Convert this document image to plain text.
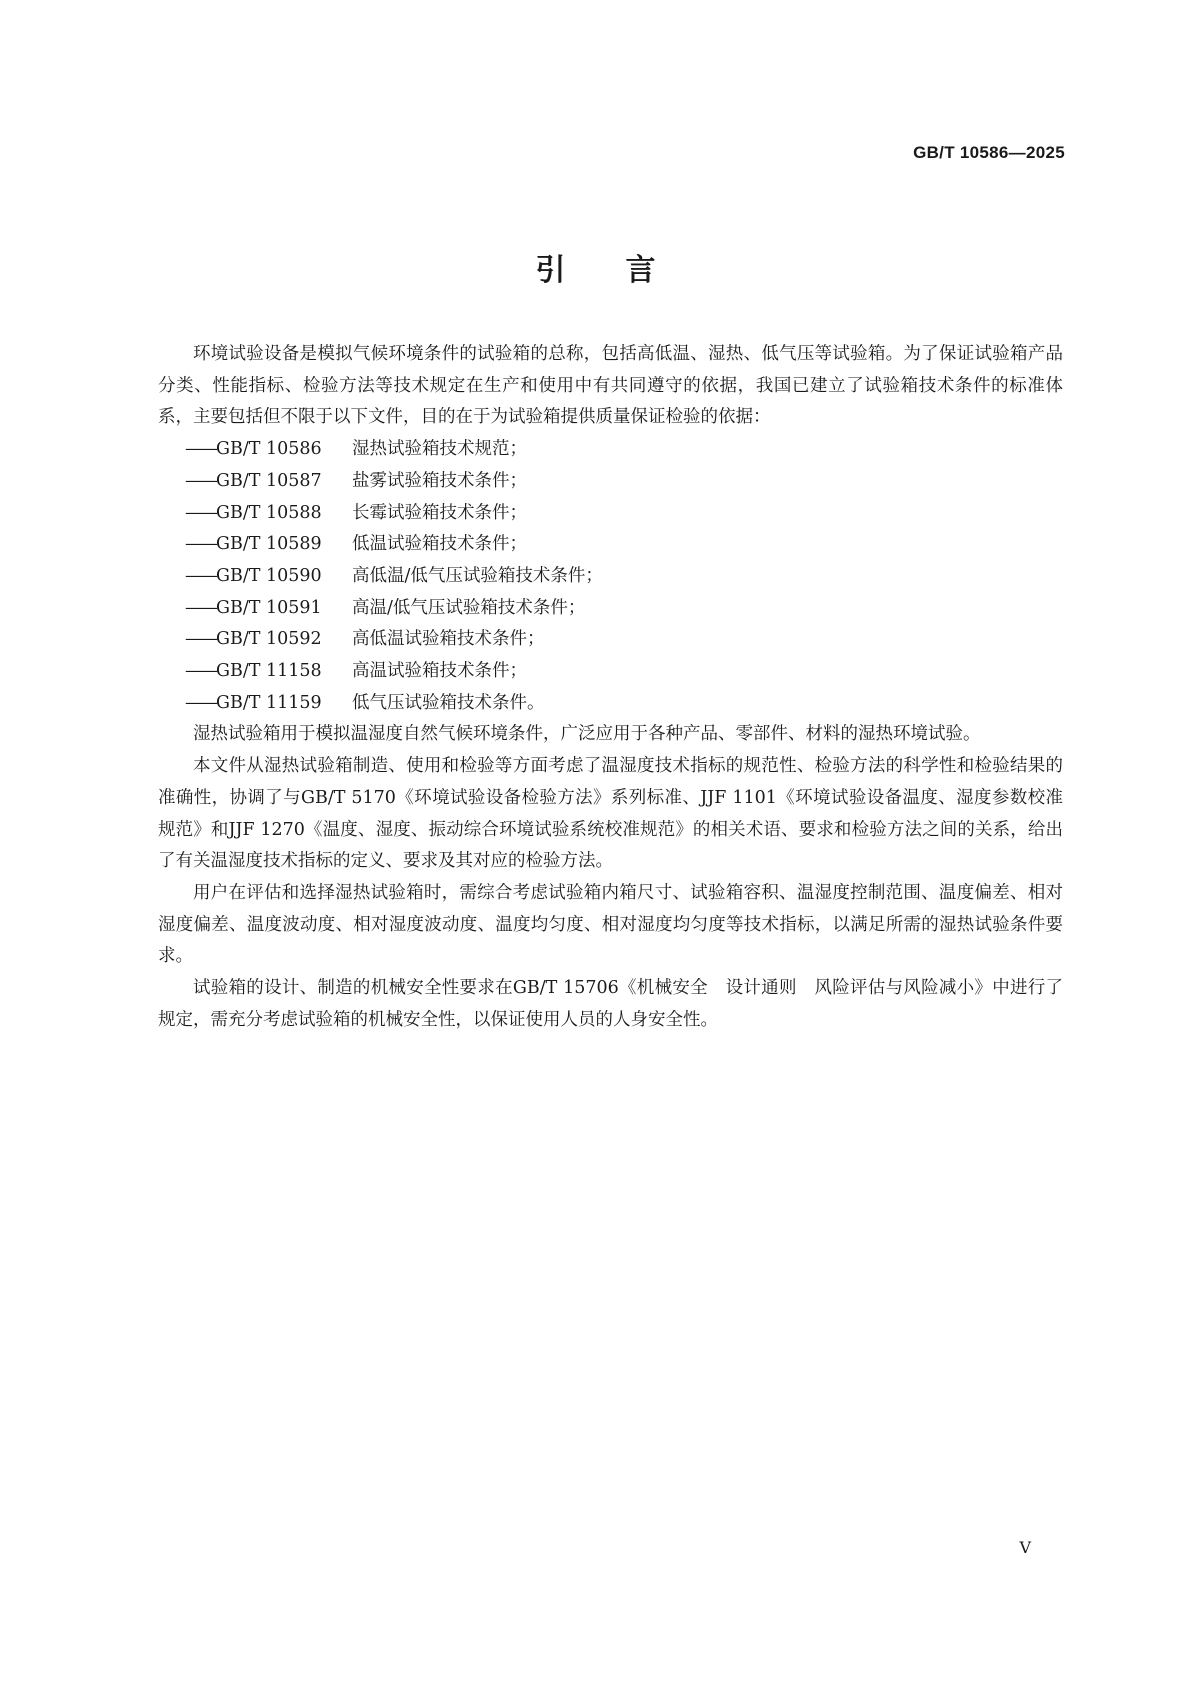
GB/T 10586—2025
引言

环境试验设备是模拟气候环境条件的试验箱的总称，包括高低温、湿热、低气压等试验箱。为了保证试验箱产品分类、性能指标、检验方法等技术规定在生产和使用中有共同遵守的依据，我国已建立了试验箱技术条件的标准体系，主要包括但不限于以下文件，目的在于为试验箱提供质量保证检验的依据：

——GB/T 10586 湿热试验箱技术规范；
——GB/T 10587 盐雾试验箱技术条件；
——GB/T 10588 长霉试验箱技术条件；
——GB/T 10589 低温试验箱技术条件；
——GB/T 10590 高低温/低气压试验箱技术条件；
——GB/T 10591 高温/低气压试验箱技术条件；
——GB/T 10592 高低温试验箱技术条件；
——GB/T 11158 高温试验箱技术条件；
——GB/T 11159 低气压试验箱技术条件。

湿热试验箱用于模拟温湿度自然气候环境条件，广泛应用于各种产品、零部件、材料的湿热环境试验。

本文件从湿热试验箱制造、使用和检验等方面考虑了温湿度技术指标的规范性、检验方法的科学性和检验结果的准确性，协调了与GB/T 5170《环境试验设备检验方法》系列标准、JJF 1101《环境试验设备温度、湿度参数校准规范》和JJF 1270《温度、湿度、振动综合环境试验系统校准规范》的相关术语、要求和检验方法之间的关系，给出了有关温湿度技术指标的定义、要求及其对应的检验方法。

用户在评估和选择湿热试验箱时，需综合考虑试验箱内箱尺寸、试验箱容积、温湿度控制范围、温度偏差、相对湿度偏差、温度波动度、相对湿度波动度、温度均匀度、相对湿度均匀度等技术指标，以满足所需的湿热试验条件要求。

试验箱的设计、制造的机械安全性要求在GB/T 15706《机械安全　设计通则　风险评估与风险减小》中进行了规定，需充分考虑试验箱的机械安全性，以保证使用人员的人身安全性。

V
